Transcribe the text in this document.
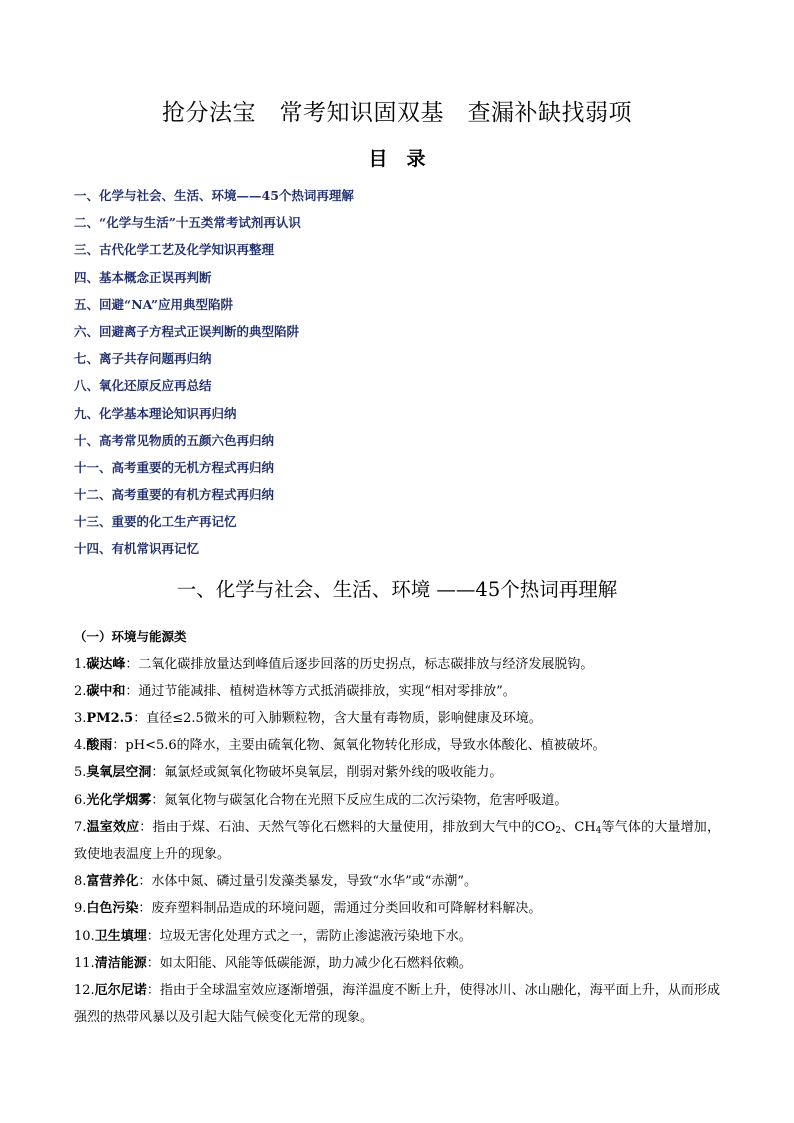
抢分法宝　常考知识固双基　查漏补缺找弱项
目　录
一、化学与社会、生活、环境——45个热词再理解
二、“化学与生活”十五类常考试剂再认识
三、古代化学工艺及化学知识再整理
四、基本概念正误再判断
五、回避“NA”应用典型陷阱
六、回避离子方程式正误判断的典型陷阱
七、离子共存问题再归纳
八、氧化还原反应再总结
九、化学基本理论知识再归纳
十、高考常见物质的五颜六色再归纳
十一、高考重要的无机方程式再归纳
十二、高考重要的有机方程式再归纳
十三、重要的化工生产再记忆
十四、有机常识再记忆
一、化学与社会、生活、环境 ——45个热词再理解
（一）环境与能源类

1.碳达峰：二氧化碳排放量达到峰值后逐步回落的历史拐点，标志碳排放与经济发展脱钩。

2.碳中和：通过节能减排、植树造林等方式抵消碳排放，实现“相对零排放”。

3.PM2.5：直径≤2.5微米的可入肺颗粒物，含大量有毒物质，影响健康及环境。

4.酸雨：pH<5.6的降水，主要由硫氧化物、氮氧化物转化形成，导致水体酸化、植被破坏。

5.臭氧层空洞：氟氯烃或氮氧化物破坏臭氧层，削弱对紫外线的吸收能力。

6.光化学烟雾：氮氧化物与碳氢化合物在光照下反应生成的二次污染物，危害呼吸道。

7.温室效应：指由于煤、石油、天然气等化石燃料的大量使用，排放到大气中的$CO_2$、$CH_4$等气体的大量增加，致使地表温度上升的现象。

8.富营养化：水体中氮、磷过量引发藻类暴发，导致“水华”或“赤潮”。

9.白色污染：废弃塑料制品造成的环境问题，需通过分类回收和可降解材料解决。

10.卫生填埋：垃圾无害化处理方式之一，需防止渗滤液污染地下水。

11.清洁能源：如太阳能、风能等低碳能源，助力减少化石燃料依赖。

12.厄尔尼诺：指由于全球温室效应逐渐增强，海洋温度不断上升，使得冰川、冰山融化，海平面上升，从而形成强烈的热带风暴以及引起大陆气候变化无常的现象。
